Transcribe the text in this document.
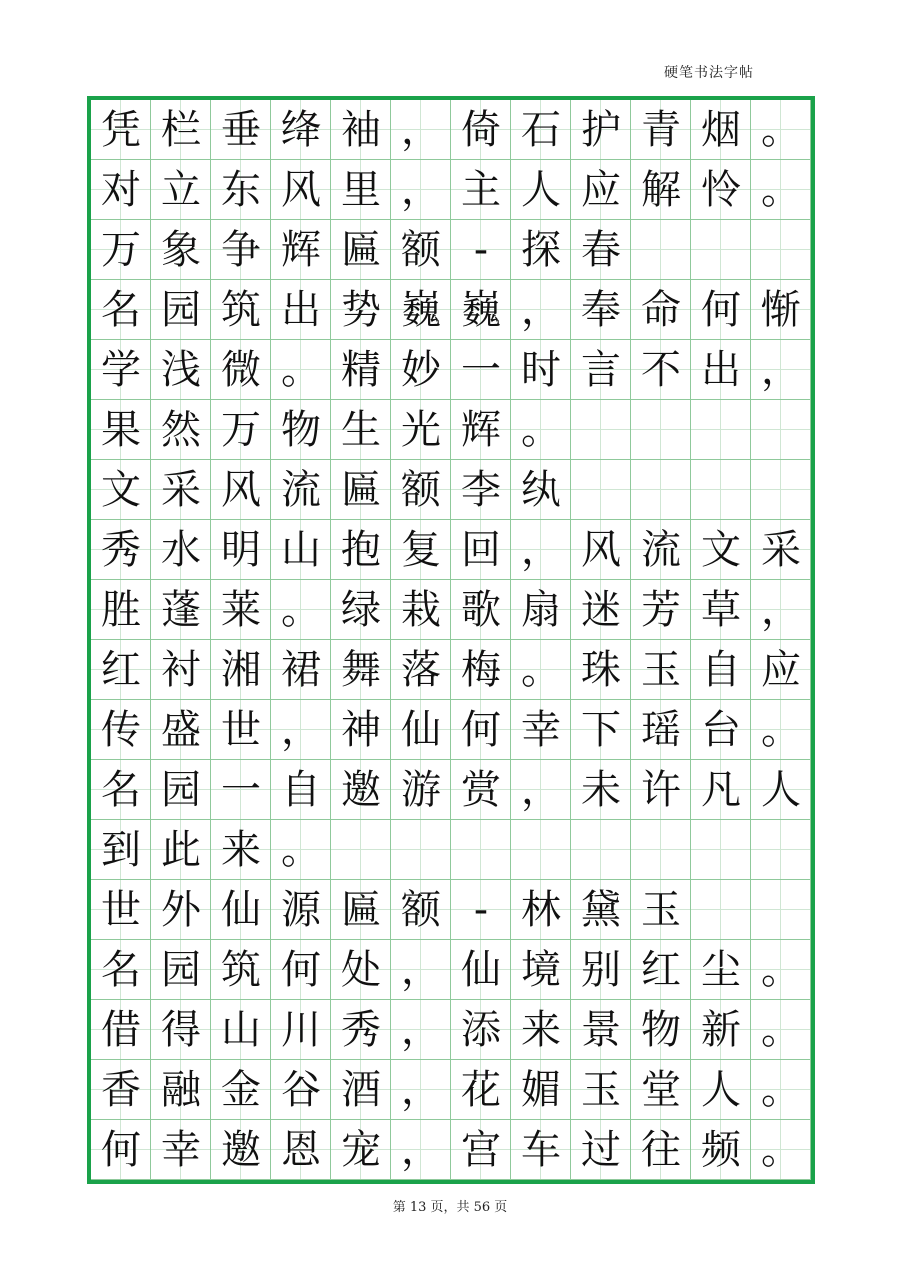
硬笔书法字帖
凭 栏 垂 绛 袖 ， 倚 石 护 青 烟 。
对 立 东 风 里 ， 主 人 应 解 怜 。
万 象 争 辉 匾 额 - 探 春
名 园 筑 出 势 巍 巍 ， 奉 命 何 惭
学 浅 微 。 精 妙 一 时 言 不 出 ，
果 然 万 物 生 光 辉 。
文 采 风 流 匾 额 李 纨
秀 水 明 山 抱 复 回 ， 风 流 文 采
胜 蓬 莱 。 绿 栽 歌 扇 迷 芳 草 ，
红 衬 湘 裙 舞 落 梅 。 珠 玉 自 应
传 盛 世 ， 神 仙 何 幸 下 瑶 台 。
名 园 一 自 邀 游 赏 ， 未 许 凡 人
到 此 来 。
世 外 仙 源 匾 额 - 林 黛 玉
名 园 筑 何 处 ， 仙 境 别 红 尘 。
借 得 山 川 秀 ， 添 来 景 物 新 。
香 融 金 谷 酒 ， 花 媚 玉 堂 人 。
何 幸 邀 恩 宠 ， 宫 车 过 往 频 。
第 13 页，共 56 页
